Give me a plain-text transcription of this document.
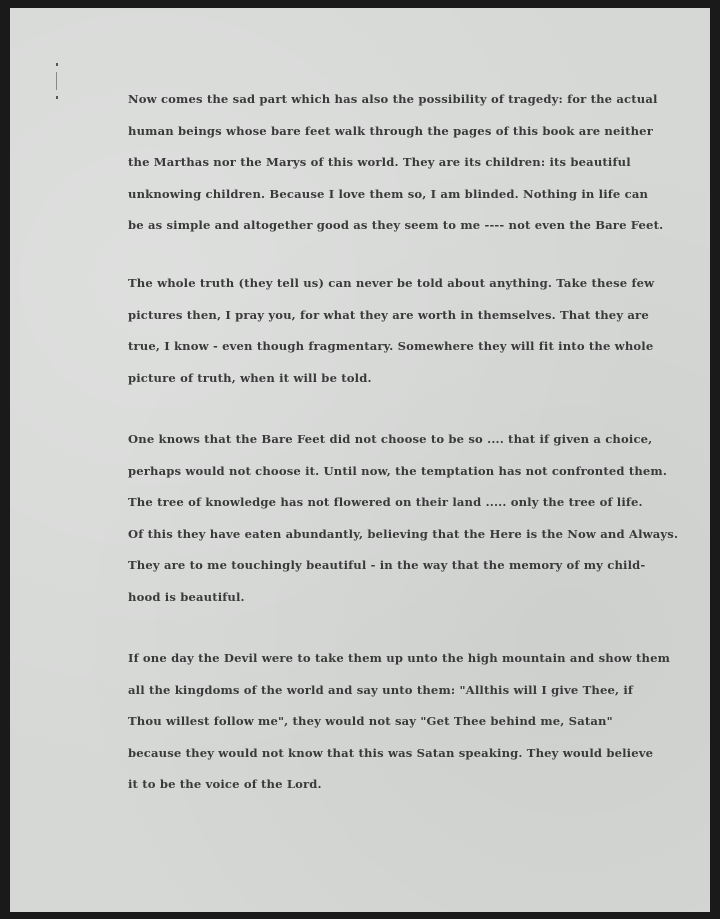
Now comes the sad part which has also the possibility of tragedy: for the actual
human beings whose bare feet walk through the pages of this book are neither
the Marthas nor the Marys of this world. They are its children: its beautiful
unknowing children. Because I love them so, I am blinded. Nothing in life can
be as simple and altogether good as they seem to me ---- not even the Bare Feet.
The whole truth (they tell us) can never be told about anything. Take these few
pictures then, I pray you, for what they are worth in themselves. That they are
true, I know - even though fragmentary. Somewhere they will fit into the whole
picture of truth, when it will be told.
One knows that the Bare Feet did not choose to be so .... that if given a choice,
perhaps would not choose it. Until now, the temptation has not confronted them.
The tree of knowledge has not flowered on their land ..... only the tree of life.
Of this they have eaten abundantly, believing that the Here is the Now and Always.
They are to me touchingly beautiful - in the way that the memory of my child-
hood is beautiful.
If one day the Devil were to take them up unto the high mountain and show them
all the kingdoms of the world and say unto them: "Allthis will I give Thee, if
Thou willest follow me", they would not say "Get Thee behind me, Satan"
because they would not know that this was Satan speaking. They would believe
it to be the voice of the Lord.
